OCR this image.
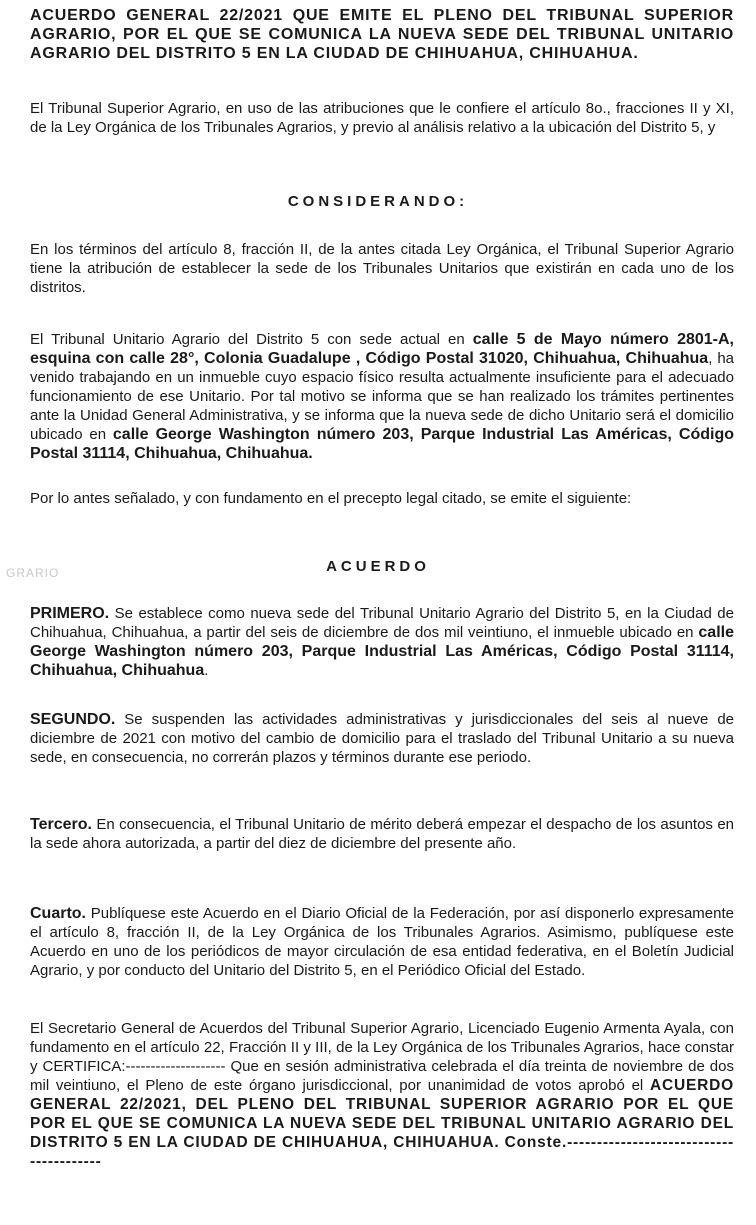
ACUERDO GENERAL 22/2021 QUE EMITE EL PLENO DEL TRIBUNAL SUPERIOR AGRARIO, POR EL QUE SE COMUNICA LA NUEVA SEDE DEL TRIBUNAL UNITARIO AGRARIO DEL DISTRITO 5 EN LA CIUDAD DE CHIHUAHUA, CHIHUAHUA.

El Tribunal Superior Agrario, en uso de las atribuciones que le confiere el artículo 8o., fracciones II y XI, de la Ley Orgánica de los Tribunales Agrarios, y previo al análisis relativo a la ubicación del Distrito 5, y

CONSIDERANDO:

En los términos del artículo 8, fracción II, de la antes citada Ley Orgánica, el Tribunal Superior Agrario tiene la atribución de establecer la sede de los Tribunales Unitarios que existirán en cada uno de los distritos.

El Tribunal Unitario Agrario del Distrito 5 con sede actual en calle 5 de Mayo número 2801-A, esquina con calle 28°, Colonia Guadalupe , Código Postal 31020, Chihuahua, Chihuahua, ha venido trabajando en un inmueble cuyo espacio físico resulta actualmente insuficiente para el adecuado funcionamiento de ese Unitario. Por tal motivo se informa que se han realizado los trámites pertinentes ante la Unidad General Administrativa, y se informa que la nueva sede de dicho Unitario será el domicilio ubicado en calle George Washington número 203, Parque Industrial Las Américas, Código Postal 31114, Chihuahua, Chihuahua.

Por lo antes señalado, y con fundamento en el precepto legal citado, se emite el siguiente:

GRARIO	ACUERDO

PRIMERO. Se establece como nueva sede del Tribunal Unitario Agrario del Distrito 5, en la Ciudad de Chihuahua, Chihuahua, a partir del seis de diciembre de dos mil veintiuno, el inmueble ubicado en calle George Washington número 203, Parque Industrial Las Américas, Código Postal 31114, Chihuahua, Chihuahua.

SEGUNDO. Se suspenden las actividades administrativas y jurisdiccionales del seis al nueve de diciembre de 2021 con motivo del cambio de domicilio para el traslado del Tribunal Unitario a su nueva sede, en consecuencia, no correrán plazos y términos durante ese periodo.

Tercero. En consecuencia, el Tribunal Unitario de mérito deberá empezar el despacho de los asuntos en la sede ahora autorizada, a partir del diez de diciembre del presente año.

Cuarto. Publíquese este Acuerdo en el Diario Oficial de la Federación, por así disponerlo expresamente el artículo 8, fracción II, de la Ley Orgánica de los Tribunales Agrarios. Asimismo, publíquese este Acuerdo en uno de los periódicos de mayor circulación de esa entidad federativa, en el Boletín Judicial Agrario, y por conducto del Unitario del Distrito 5, en el Periódico Oficial del Estado.

El Secretario General de Acuerdos del Tribunal Superior Agrario, Licenciado Eugenio Armenta Ayala, con fundamento en el artículo 22, Fracción II y III, de la Ley Orgánica de los Tribunales Agrarios, hace constar y CERTIFICA:-------------------- Que en sesión administrativa celebrada el día treinta de noviembre de dos mil veintiuno, el Pleno de este órgano jurisdiccional, por unanimidad de votos aprobó el ACUERDO GENERAL 22/2021, DEL PLENO DEL TRIBUNAL SUPERIOR AGRARIO POR EL QUE POR EL QUE SE COMUNICA LA NUEVA SEDE DEL TRIBUNAL UNITARIO AGRARIO DEL DISTRITO 5 EN LA CIUDAD DE CHIHUAHUA, CHIHUAHUA. Conste.----------------------------------------
